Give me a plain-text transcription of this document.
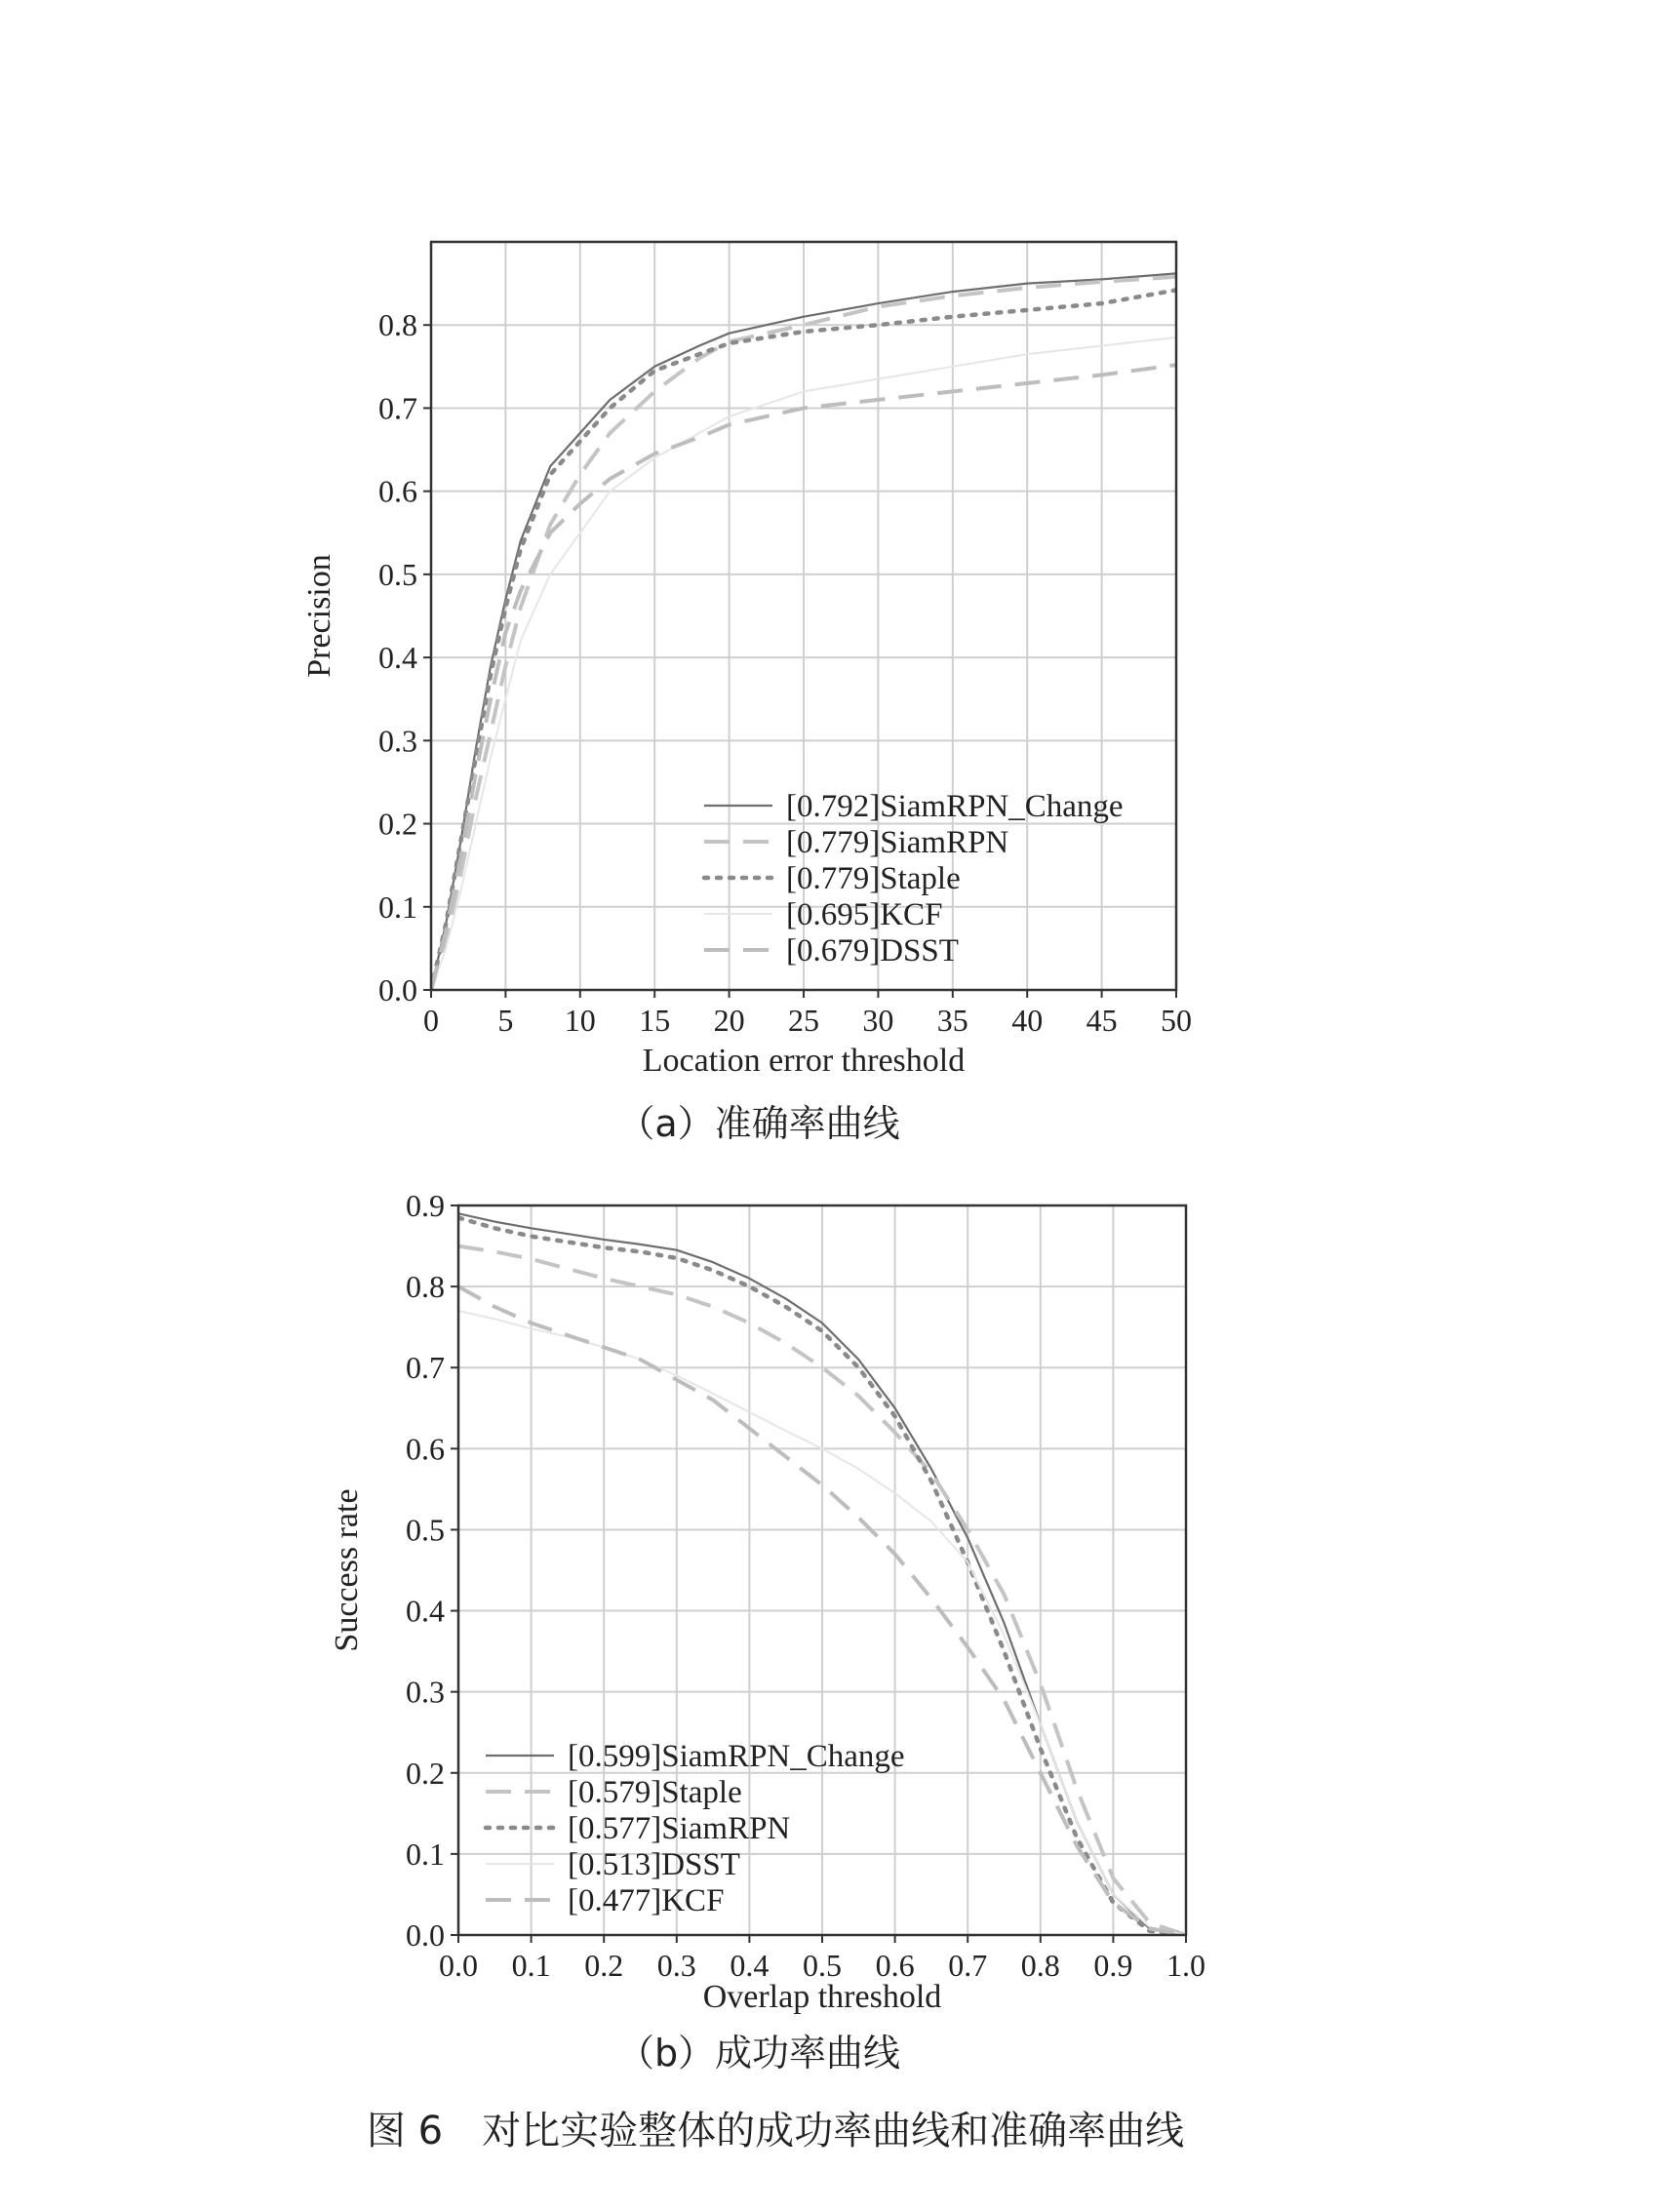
0 5 10 15 20 25 30 35 40 45 50
0.0
0.1
0.2
0.3
0.4
0.5
0.6
0.7
0.8
Location error threshold
Precision
[0.792]SiamRPN_Change
[0.779]SiamRPN
[0.779]Staple
[0.695]KCF
[0.679]DSST
（a）准确率曲线
0.0 0.1 0.2 0.3 0.4 0.5 0.6 0.7 0.8 0.9 1.0
0.0
0.1
0.2
0.3
0.4
0.5
0.6
0.7
0.8
0.9
Overlap threshold
Success rate
[0.599]SiamRPN_Change
[0.579]Staple
[0.577]SiamRPN
[0.513]DSST
[0.477]KCF
（b）成功率曲线
图 6　对比实验整体的成功率曲线和准确率曲线
